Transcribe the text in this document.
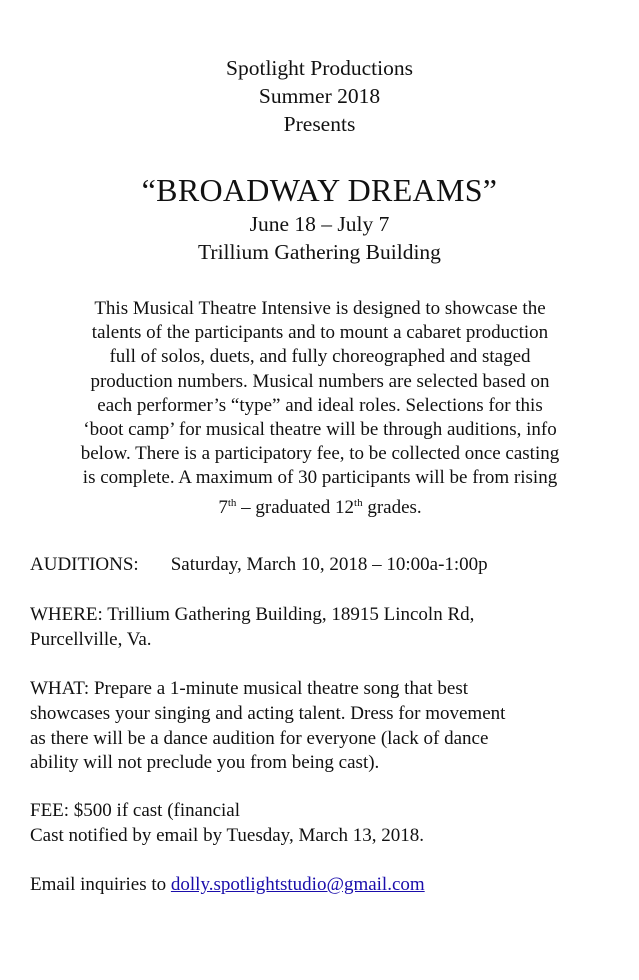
Spotlight Productions
Summer 2018
Presents
“BROADWAY DREAMS”
June 18 – July 7
Trillium Gathering Building
This Musical Theatre Intensive is designed to showcase the
talents of the participants and to mount a cabaret production
full of solos, duets, and fully choreographed and staged
production numbers. Musical numbers are selected based on
each performer’s “type” and ideal roles. Selections for this
‘boot camp’ for musical theatre will be through auditions, info
below. There is a participatory fee, to be collected once casting
is complete. A maximum of 30 participants will be from rising
7th – graduated 12th grades.
AUDITIONS: Saturday, March 10, 2018 – 10:00a-1:00p
WHERE: Trillium Gathering Building, 18915 Lincoln Rd,
Purcellville, Va.
WHAT: Prepare a 1-minute musical theatre song that best
showcases your singing and acting talent. Dress for movement
as there will be a dance audition for everyone (lack of dance
ability will not preclude you from being cast).
FEE: $500 if cast (financial
Cast notified by email by Tuesday, March 13, 2018.
Email inquiries to dolly.spotlightstudio@gmail.com
